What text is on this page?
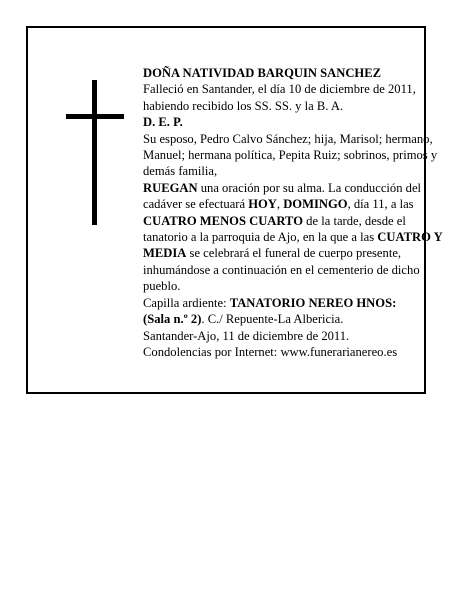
DOÑA NATIVIDAD BARQUIN SANCHEZ

Falleció en Santander, el día 10 de diciembre de 2011, habiendo recibido los SS. SS. y la B. A.

D. E. P.

Su esposo, Pedro Calvo Sánchez; hija, Marisol; hermano, Manuel; hermana política, Pepita Ruiz; sobrinos, primos y demás familia,

RUEGAN una oración por su alma. La conducción del cadáver se efectuará HOY, DOMINGO, día 11, a las CUATRO MENOS CUARTO de la tarde, desde el tanatorio a la parroquia de Ajo, en la que a las CUATRO Y MEDIA se celebrará el funeral de cuerpo presente, inhumándose a continuación en el cementerio de dicho pueblo.

Capilla ardiente: TANATORIO NEREO HNOS:
(Sala n.º 2). C./ Repuente-La Albericia.

Santander-Ajo, 11 de diciembre de 2011.

Condolencias por Internet: www.funerarianereo.es
